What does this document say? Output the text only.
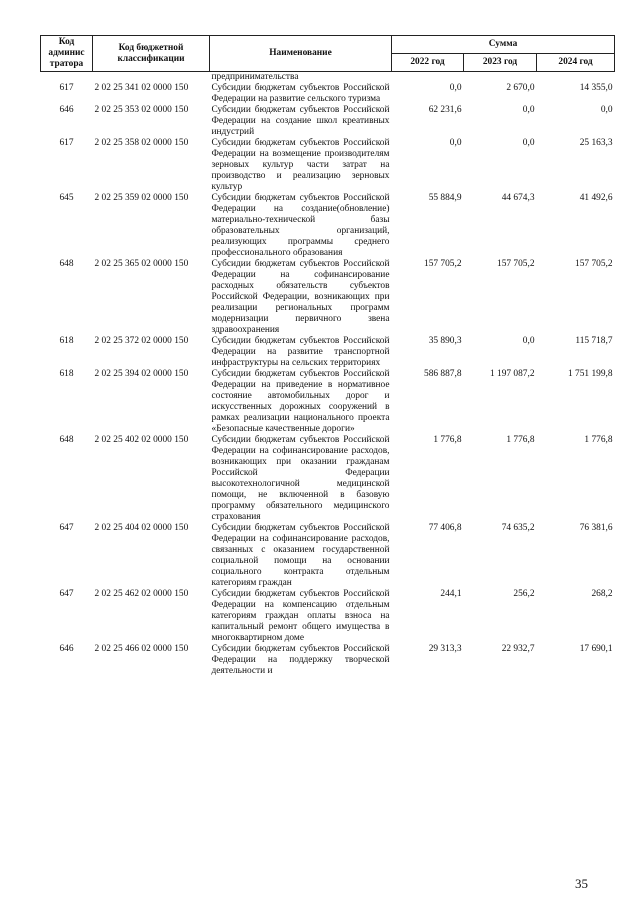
Код админис тратора	Код бюджетной классификации	Наименование	Сумма		
			2022 год	2023 год	2024 год
		предпринимательства			
617	2 02 25 341 02 0000 150	Субсидии бюджетам субъектов Российской Федерации на развитие сельского туризма	0,0	2 670,0	14 355,0
646	2 02 25 353 02 0000 150	Субсидии бюджетам субъектов Российской Федерации на создание школ креативных индустрий	62 231,6	0,0	0,0
617	2 02 25 358 02 0000 150	Субсидии бюджетам субъектов Российской Федерации на возмещение производителям зерновых культур части затрат на производство и реализацию зерновых культур	0,0	0,0	25 163,3
645	2 02 25 359 02 0000 150	Субсидии бюджетам субъектов Российской Федерации на создание(обновление) материально-технической базы образовательных организаций, реализующих программы среднего профессионального образования	55 884,9	44 674,3	41 492,6
648	2 02 25 365 02 0000 150	Субсидии бюджетам субъектов Российской Федерации на софинансирование расходных обязательств субъектов Российской Федерации, возникающих при реализации региональных программ модернизации первичного звена здравоохранения	157 705,2	157 705,2	157 705,2
618	2 02 25 372 02 0000 150	Субсидии бюджетам субъектов Российской Федерации на развитие транспортной инфраструктуры на сельских территориях	35 890,3	0,0	115 718,7
618	2 02 25 394 02 0000 150	Субсидии бюджетам субъектов Российской Федерации на приведение в нормативное состояние автомобильных дорог и искусственных дорожных сооружений в рамках реализации национального проекта «Безопасные качественные дороги»	586 887,8	1 197 087,2	1 751 199,8
648	2 02 25 402 02 0000 150	Субсидии бюджетам субъектов Российской Федерации на софинансирование расходов, возникающих при оказании гражданам Российской Федерации высокотехнологичной медицинской помощи, не включенной в базовую программу обязательного медицинского страхования	1 776,8	1 776,8	1 776,8
647	2 02 25 404 02 0000 150	Субсидии бюджетам субъектов Российской Федерации на софинансирование расходов, связанных с оказанием государственной социальной помощи на основании социального контракта отдельным категориям граждан	77 406,8	74 635,2	76 381,6
647	2 02 25 462 02 0000 150	Субсидии бюджетам субъектов Российской Федерации на компенсацию отдельным категориям граждан оплаты взноса на капитальный ремонт общего имущества в многоквартирном доме	244,1	256,2	268,2
646	2 02 25 466 02 0000 150	Субсидии бюджетам субъектов Российской Федерации на поддержку творческой деятельности и	29 313,3	22 932,7	17 690,1
35
